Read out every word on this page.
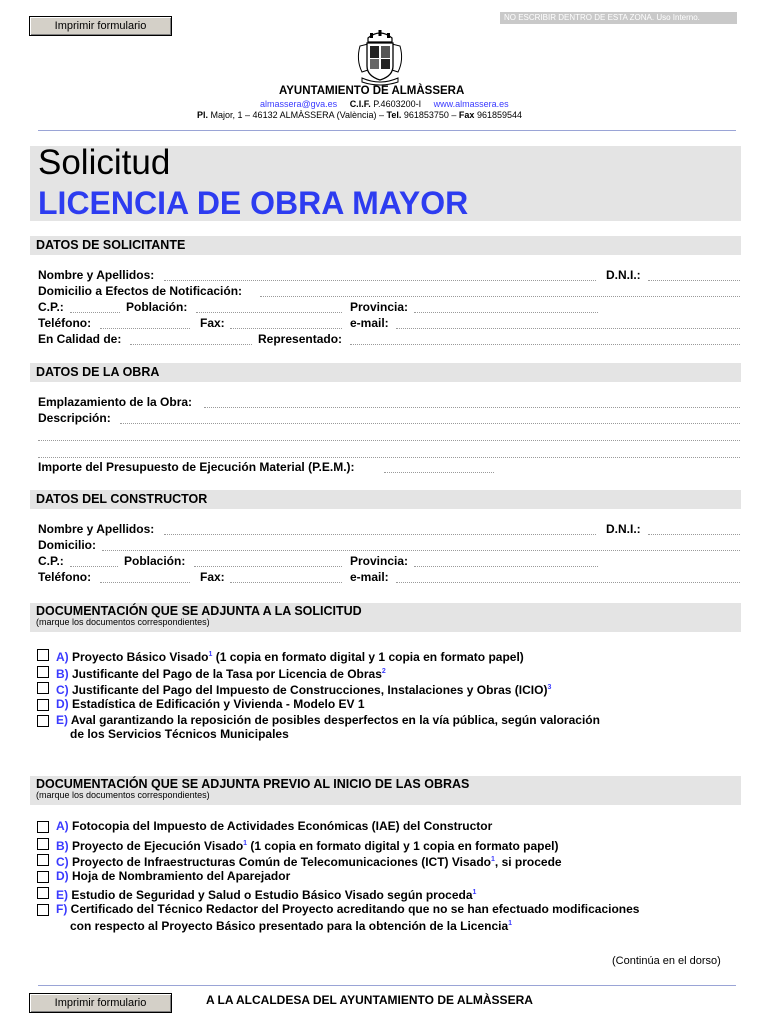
Imprimir formulario
NO ESCRIBIR DENTRO DE ESTA ZONA. Uso Interno.
AYUNTAMIENTO DE ALMÀSSERA
almassera@gva.es C.I.F. P.4603200-I www.almassera.es
Pl. Major, 1 – 46132 ALMÀSSERA (València) – Tel. 961853750 – Fax 961859544
Solicitud
LICENCIA DE OBRA MAYOR
DATOS DE SOLICITANTE
Nombre y Apellidos:	D.N.I.:
Domicilio a Efectos de Notificación:
C.P.:	Población:	Provincia:
Teléfono:	Fax:	e-mail:
En Calidad de:	Representado:
DATOS DE LA OBRA
Emplazamiento de la Obra:
Descripción:
Importe del Presupuesto de Ejecución Material (P.E.M.):
DATOS DEL CONSTRUCTOR
Nombre y Apellidos:	D.N.I.:
Domicilio:
C.P.:	Población:	Provincia:
Teléfono:	Fax:	e-mail:
DOCUMENTACIÓN QUE SE ADJUNTA A LA SOLICITUD
(marque los documentos correspondientes)
A) Proyecto Básico Visado$^1$ (1 copia en formato digital y 1 copia en formato papel)
B) Justificante del Pago de la Tasa por Licencia de Obras$^2$
C) Justificante del Pago del Impuesto de Construcciones, Instalaciones y Obras (ICIO)$^3$
D) Estadística de Edificación y Vivienda - Modelo EV 1
E) Aval garantizando la reposición de posibles desperfectos en la vía pública, según valoración
de los Servicios Técnicos Municipales
DOCUMENTACIÓN QUE SE ADJUNTA PREVIO AL INICIO DE LAS OBRAS
(marque los documentos correspondientes)
A) Fotocopia del Impuesto de Actividades Económicas (IAE) del Constructor
B) Proyecto de Ejecución Visado$^1$ (1 copia en formato digital y 1 copia en formato papel)
C) Proyecto de Infraestructuras Común de Telecomunicaciones (ICT) Visado$^1$, si procede
D) Hoja de Nombramiento del Aparejador
E) Estudio de Seguridad y Salud o Estudio Básico Visado según proceda$^1$
F) Certificado del Técnico Redactor del Proyecto acreditando que no se han efectuado modificaciones
con respecto al Proyecto Básico presentado para la obtención de la Licencia$^1$
(Continúa en el dorso)
Imprimir formulario	A LA ALCALDESA DEL AYUNTAMIENTO DE ALMÀSSERA
